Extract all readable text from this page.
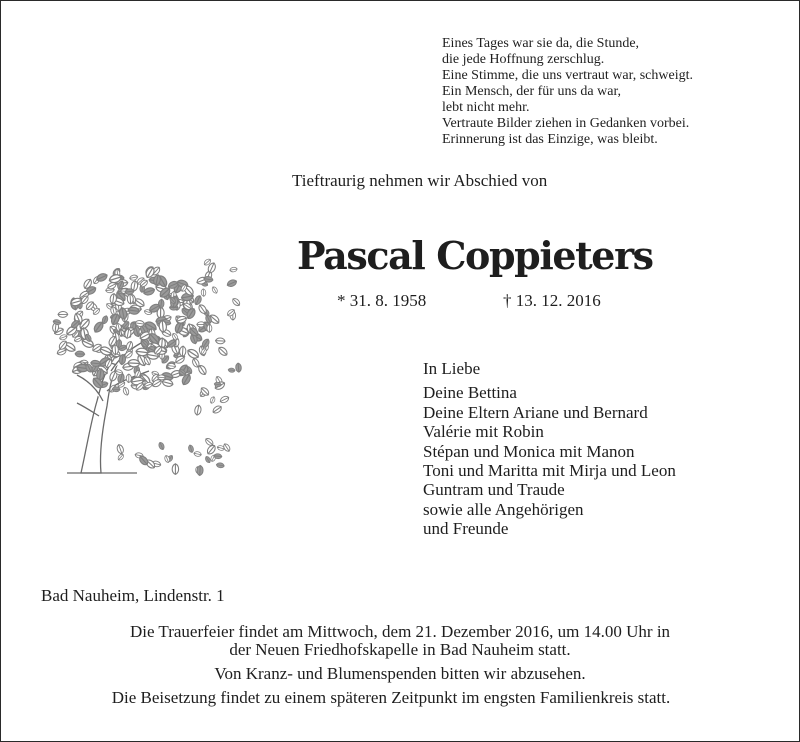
Eines Tages war sie da, die Stunde,
die jede Hoffnung zerschlug.
Eine Stimme, die uns vertraut war, schweigt.
Ein Mensch, der für uns da war,
lebt nicht mehr.
Vertraute Bilder ziehen in Gedanken vorbei.
Erinnerung ist das Einzige, was bleibt.
Tieftraurig nehmen wir Abschied von
Pascal Coppieters
* 31. 8. 1958	† 13. 12. 2016
In Liebe
Deine Bettina
Deine Eltern Ariane und Bernard
Valérie mit Robin
Stépan und Monica mit Manon
Toni und Maritta mit Mirja und Leon
Guntram und Traude
sowie alle Angehörigen
und Freunde
Bad Nauheim, Lindenstr. 1
Die Trauerfeier findet am Mittwoch, dem 21. Dezember 2016, um 14.00 Uhr in
der Neuen Friedhofskapelle in Bad Nauheim statt.
Von Kranz- und Blumenspenden bitten wir abzusehen.
Die Beisetzung findet zu einem späteren Zeitpunkt im engsten Familienkreis statt.
